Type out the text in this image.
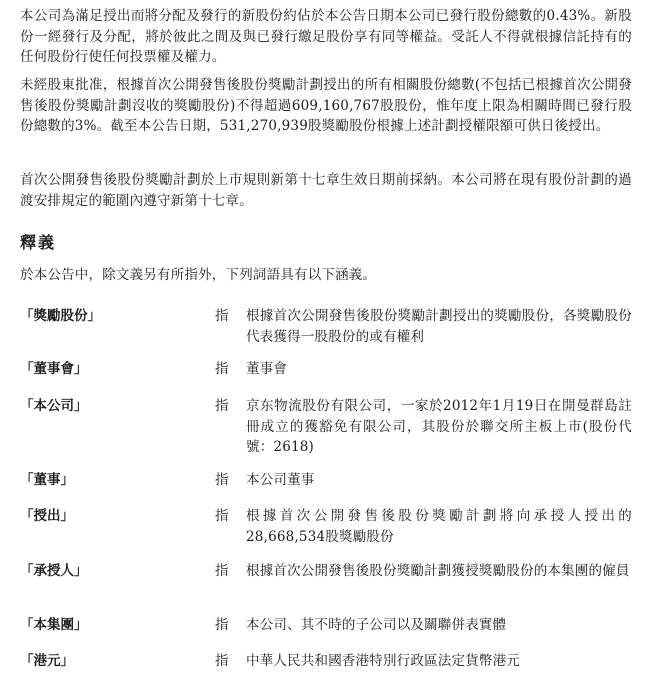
本公司為滿足授出而將分配及發行的新股份約佔於本公告日期本公司已發行股份總數的0.43%。新股份一經發行及分配，將於彼此之間及與已發行繳足股份享有同等權益。受託人不得就根據信託持有的任何股份行使任何投票權及權力。
未經股東批准，根據首次公開發售後股份獎勵計劃授出的所有相關股份總數(不包括已根據首次公開發售後股份獎勵計劃沒收的獎勵股份)不得超過609,160,767股股份，惟年度上限為相關時間已發行股份總數的3%。截至本公告日期，531,270,939股獎勵股份根據上述計劃授權限額可供日後授出。
首次公開發售後股份獎勵計劃於上市規則新第十七章生效日期前採納。本公司將在現有股份計劃的過渡安排規定的範圍內遵守新第十七章。
釋義
於本公告中，除文義另有所指外，下列詞語具有以下涵義。
「獎勵股份」	指 根據首次公開發售後股份獎勵計劃授出的獎勵股份，各獎勵股份代表獲得一股股份的或有權利
「董事會」	指 董事會
「本公司」	指 京东物流股份有限公司，一家於2012年1月19日在開曼群島註冊成立的獲豁免有限公司，其股份於聯交所主板上市(股份代號：2618)
「董事」	指 本公司董事
「授出」	指 根據首次公開發售後股份獎勵計劃將向承授人授出的28,668,534股獎勵股份
「承授人」	指 根據首次公開發售後股份獎勵計劃獲授獎勵股份的本集團的僱員
「本集團」	指 本公司、其不時的子公司以及關聯併表實體
「港元」	指 中華人民共和國香港特別行政區法定貨幣港元
